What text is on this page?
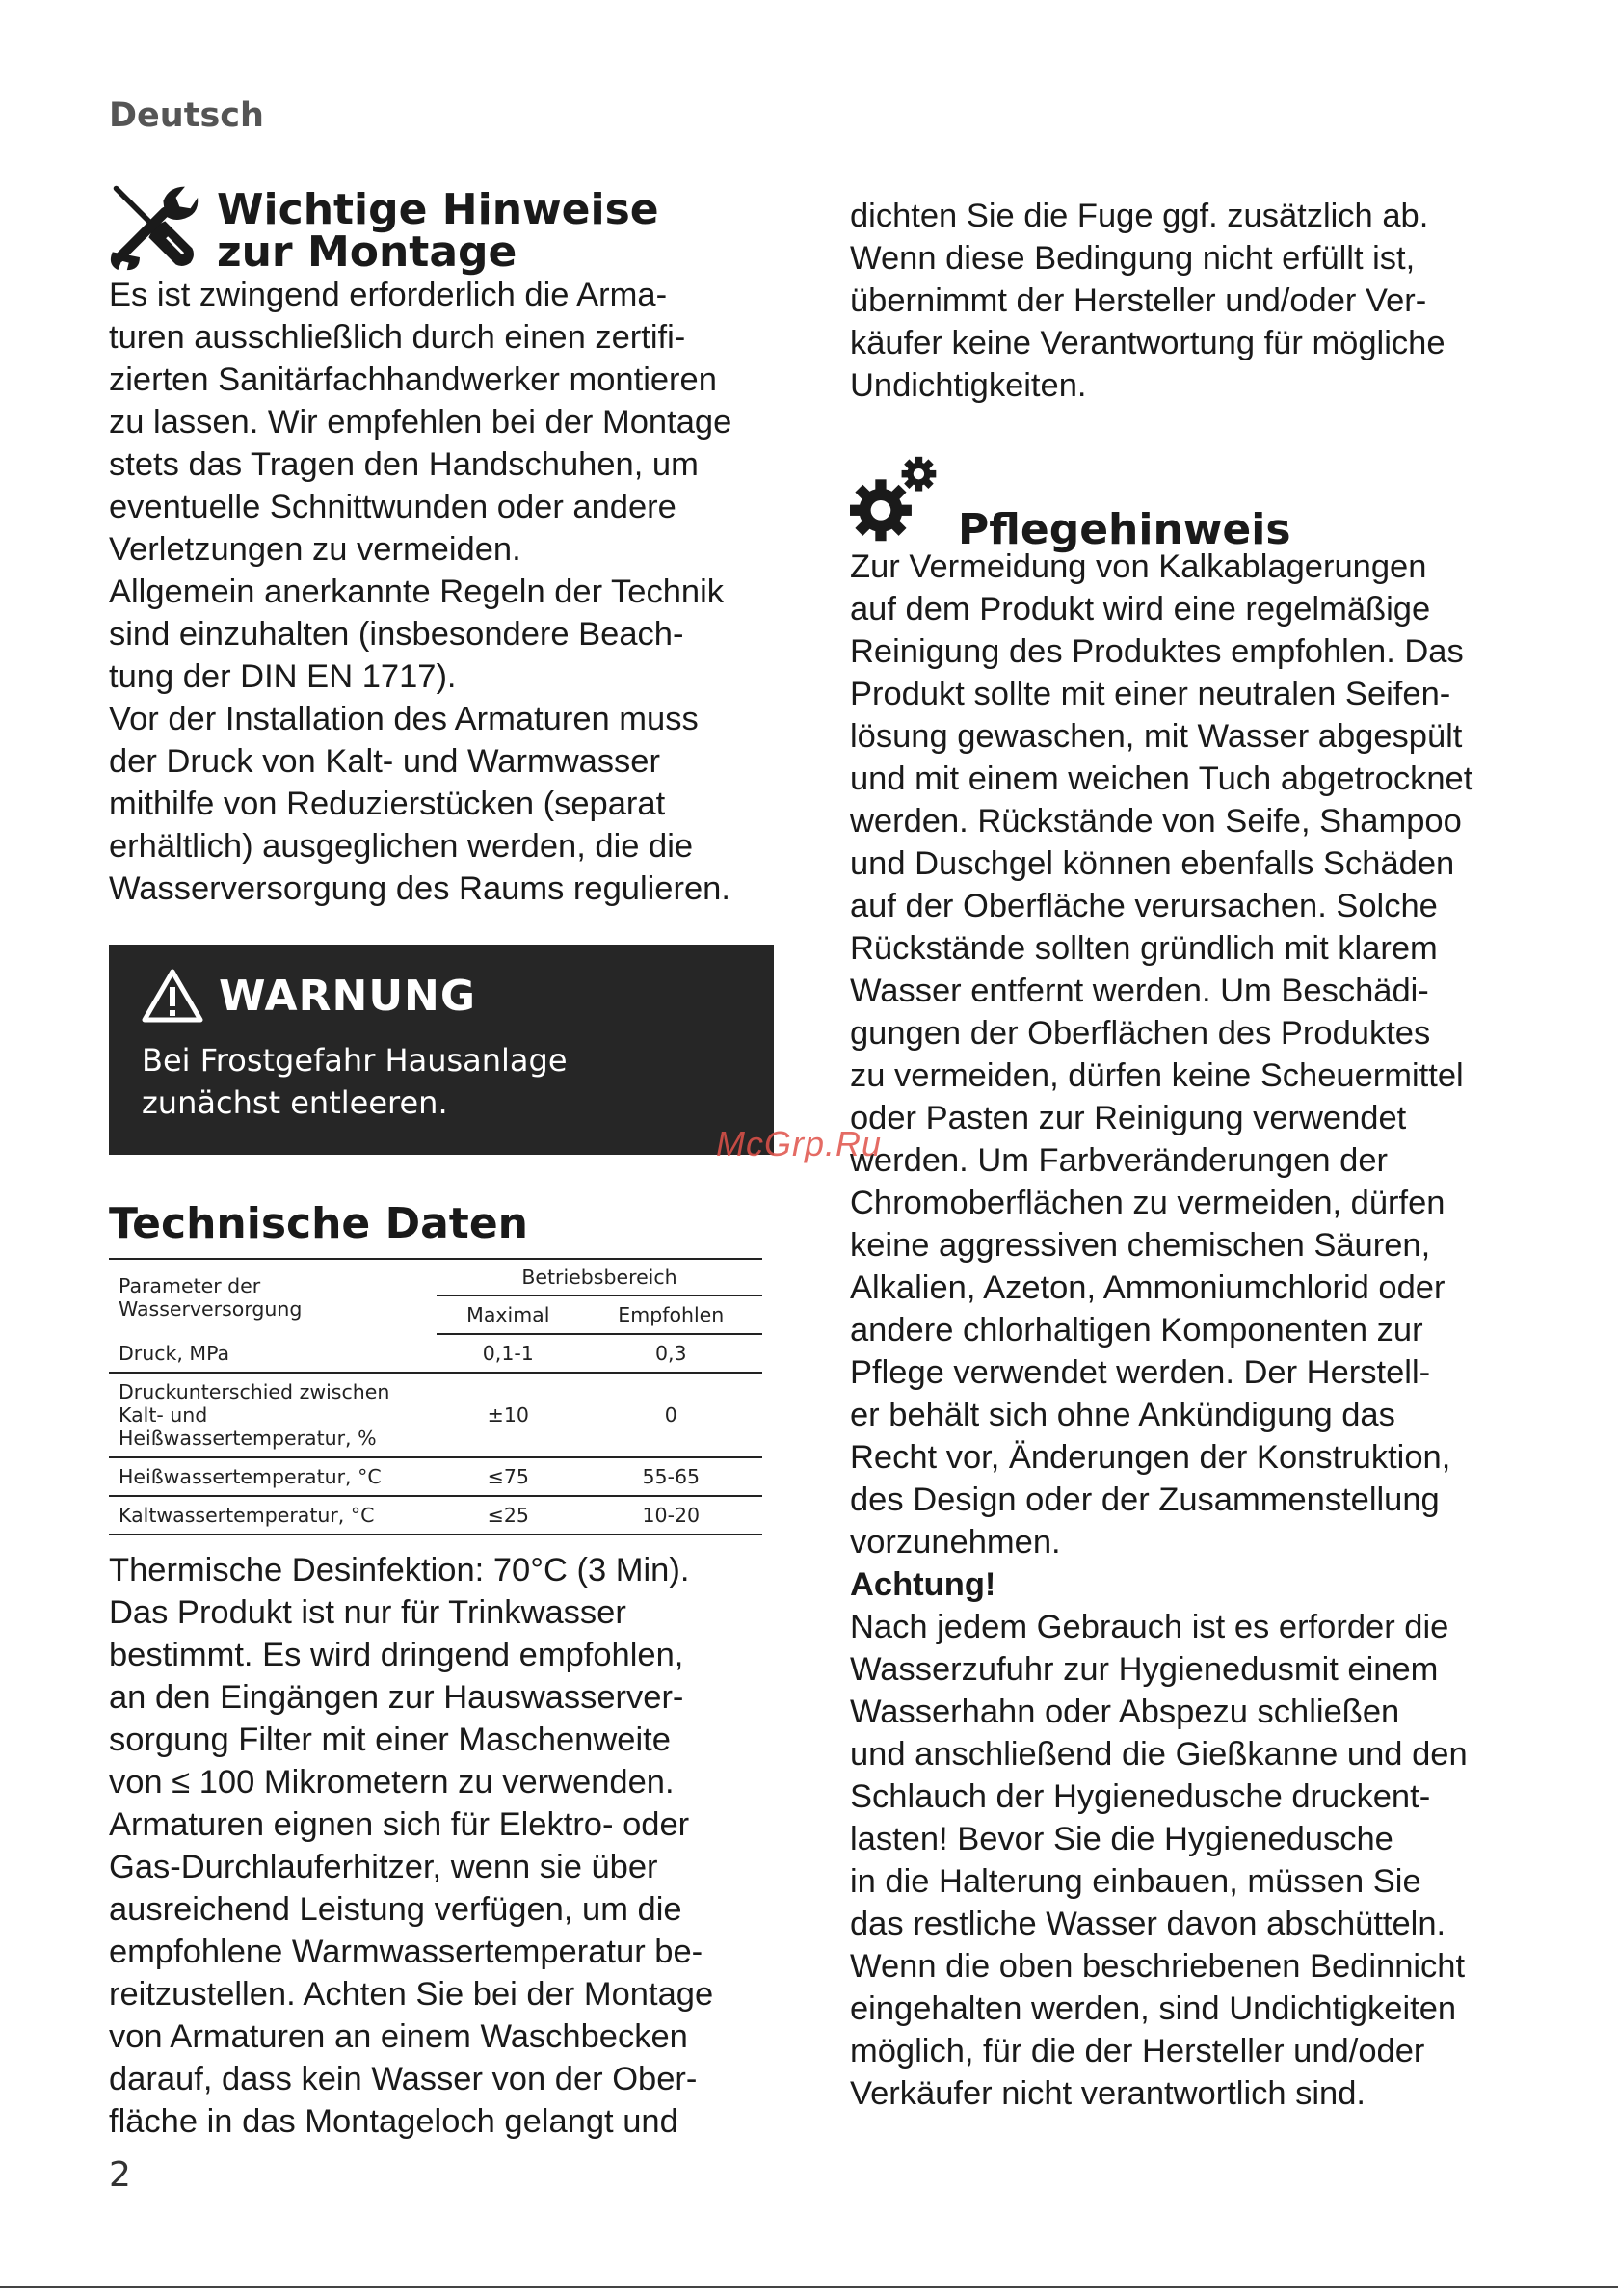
Deutsch
Wichtige Hinweise
zur Montage

Es ist zwingend erforderlich die Arma-
turen ausschließlich durch einen zertifi-
zierten Sanitärfachhandwerker montieren
zu lassen. Wir empfehlen bei der Montage
stets das Tragen den Handschuhen, um
eventuelle Schnittwunden oder andere
Verletzungen zu vermeiden.
Allgemein anerkannte Regeln der Technik
sind einzuhalten (insbesondere Beach-
tung der DIN EN 1717).
Vor der Installation des Armaturen muss
der Druck von Kalt- und Warmwasser
mithilfe von Reduzierstücken (separat
erhältlich) ausgeglichen werden, die die
Wasserversorgung des Raums regulieren.

WARNUNG
Bei Frostgefahr Hausanlage
zunächst entleeren.
Technische Daten
Parameter der
Wasserversorgung	Betriebsbereich	
	Maximal	Empfohlen
Druck, MPa	0,1-1	0,3
Druckunterschied zwischen
Kalt- und
Heißwassertemperatur, %	±10	0
Heißwassertemperatur, °C	≤75	55-65
Kaltwassertemperatur, °C	≤25	10-20

Thermische Desinfektion: 70°C (3 Min).
Das Produkt ist nur für Trinkwasser
bestimmt. Es wird dringend empfohlen,
an den Eingängen zur Hauswasserver-
sorgung Filter mit einer Maschenweite
von ≤ 100 Mikrometern zu verwenden.
Armaturen eignen sich für Elektro- oder
Gas-Durchlauferhitzer, wenn sie über
ausreichend Leistung verfügen, um die
empfohlene Warmwassertemperatur be-
reitzustellen. Achten Sie bei der Montage
von Armaturen an einem Waschbecken
darauf, dass kein Wasser von der Ober-
fläche in das Montageloch gelangt und

dichten Sie die Fuge ggf. zusätzlich ab.
Wenn diese Bedingung nicht erfüllt ist,
übernimmt der Hersteller und/oder Ver-
käufer keine Verantwortung für mögliche
Undichtigkeiten.

Pflegehinweis

Zur Vermeidung von Kalkablagerungen
auf dem Produkt wird eine regelmäßige
Reinigung des Produktes empfohlen. Das
Produkt sollte mit einer neutralen Seifen-
lösung gewaschen, mit Wasser abgespült
und mit einem weichen Tuch abgetrocknet
werden. Rückstände von Seife, Shampoo
und Duschgel können ebenfalls Schäden
auf der Oberfläche verursachen. Solche
Rückstände sollten gründlich mit klarem
Wasser entfernt werden. Um Beschädi-
gungen der Oberflächen des Produktes
zu vermeiden, dürfen keine Scheuermittel
oder Pasten zur Reinigung verwendet
werden. Um Farbveränderungen der
Chromoberflächen zu vermeiden, dürfen
keine aggressiven chemischen Säuren,
Alkalien, Azeton, Ammoniumchlorid oder
andere chlorhaltigen Komponenten zur
Pflege verwendet werden. Der Herstell-
er behält sich ohne Ankündigung das
Recht vor, Änderungen der Konstruktion,
des Design oder der Zusammenstellung
vorzunehmen.

Achtung!

Nach jedem Gebrauch ist es erforder die
Wasserzufuhr zur Hygienedusmit einem
Wasserhahn oder Abspezu schließen
und anschließend die Gießkanne und den
Schlauch der Hygienedusche druckent-
lasten! Bevor Sie die Hygienedusche
in die Halterung einbauen, müssen Sie
das restliche Wasser davon abschütteln.
Wenn die oben beschriebenen Bedinnicht
eingehalten werden, sind Undichtigkeiten
möglich, für die der Hersteller und/oder
Verkäufer nicht verantwortlich sind.

McGrp.Ru
2
